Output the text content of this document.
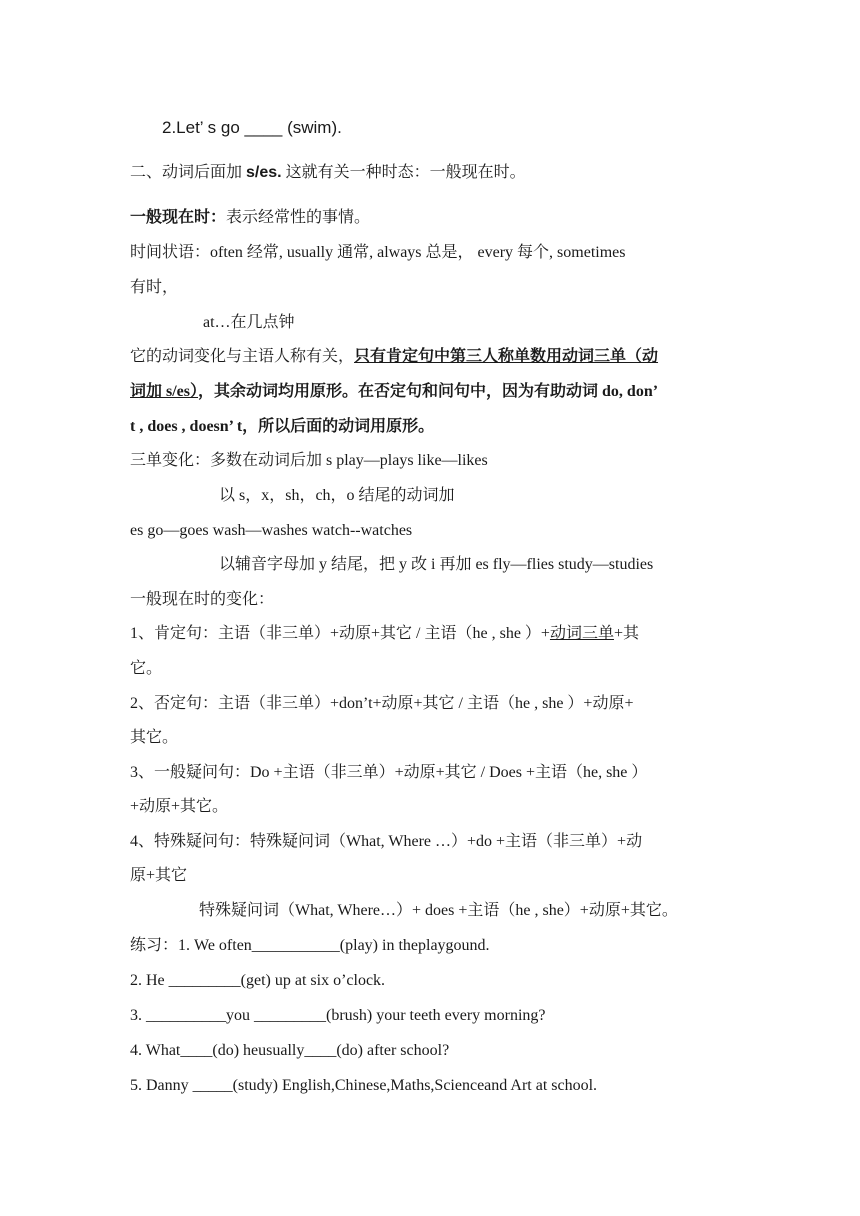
2.Let’ s go ____ (swim).
二、动词后面加 s/es. 这就有关一种时态：一般现在时。
一般现在时：表示经常性的事情。
时间状语：often 经常, usually 通常, always 总是， every 每个, sometimes
有时，
at…在几点钟
它的动词变化与主语人称有关，只有肯定句中第三人称单数用动词三单（动
词加 s/es），其余动词均用原形。在否定句和问句中，因为有助动词 do, don’
t , does , doesn’ t，所以后面的动词用原形。
三单变化：多数在动词后加 s play—plays like—likes
以 s，x，sh，ch，o 结尾的动词加
es go—goes wash—washes watch--watches
以辅音字母加 y 结尾，把 y 改 i 再加 es fly—flies study—studies
一般现在时的变化：
1、肯定句：主语（非三单）+动原+其它 / 主语（he , she ）+动词三单+其
它。
2、否定句：主语（非三单）+don’t+动原+其它 / 主语（he , she ）+动原+
其它。
3、一般疑问句：Do +主语（非三单）+动原+其它 / Does +主语（he, she ）
+动原+其它。
4、特殊疑问句：特殊疑问词（What, Where …）+do +主语（非三单）+动
原+其它
特殊疑问词（What, Where…）+ does +主语（he , she）+动原+其它。
练习：1. We often___________(play) in theplaygound.
2. He _________(get) up at six o’clock.
3. __________you _________(brush) your teeth every morning?
4. What____(do) heusually____(do) after school?
5. Danny _____(study) English,Chinese,Maths,Scienceand Art at school.
